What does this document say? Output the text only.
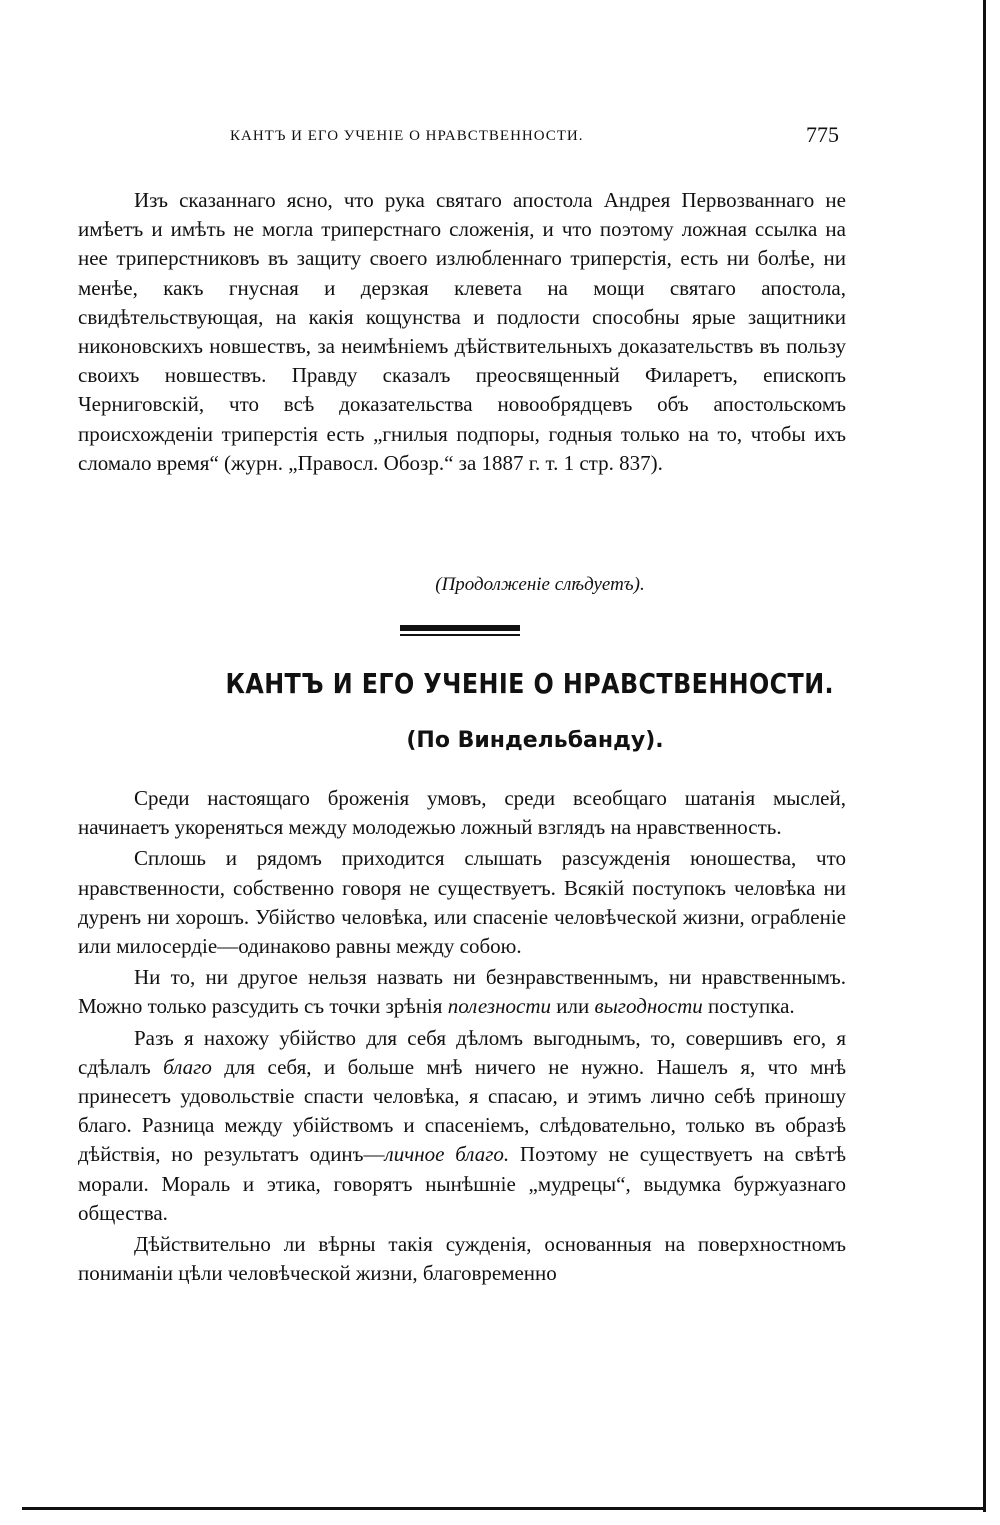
КАНТЪ И ЕГО УЧЕНІЕ О НРАВСТВЕННОСТИ.	775

Изъ сказаннаго ясно, что рука святаго апостола Андрея Первозваннаго не имѣетъ и имѣть не могла триперстнаго сложенія, и что поэтому ложная ссылка на нее триперстниковъ въ защиту своего излюбленнаго триперстія, есть ни болѣе, ни менѣе, какъ гнусная и дерзкая клевета на мощи святаго апостола, свидѣтельствующая, на какія кощунства и подлости способны ярые защитники никоновскихъ новшествъ, за неимѣніемъ дѣйствительныхъ доказательствъ въ пользу своихъ новшествъ. Правду сказалъ преосвященный Филаретъ, епископъ Черниговскій, что всѣ доказательства новообрядцевъ объ апостольскомъ происхожденіи триперстія есть „гнилыя подпоры, годныя только на то, чтобы ихъ сломало время“ (журн. „Правосл. Обозр.“ за 1887 г. т. 1 стр. 837).

(Продолженіе слѣдуетъ).
КАНТЪ И ЕГО УЧЕНІЕ О НРАВСТВЕННОСТИ.
(По Виндельбанду).

Среди настоящаго броженія умовъ, среди всеобщаго шатанія мыслей, начинаетъ укореняться между молодежью ложный взглядъ на нравственность.

Сплошь и рядомъ приходится слышать разсужденія юношества, что нравственности, собственно говоря не существуетъ. Всякій поступокъ человѣка ни дуренъ ни хорошъ. Убійство человѣка, или спасеніе человѣческой жизни, ограбленіе или милосердіе—одинаково равны между собою.

Ни то, ни другое нельзя назвать ни безнравственнымъ, ни нравственнымъ. Можно только разсудить съ точки зрѣнія полезности или выгодности поступка.

Разъ я нахожу убійство для себя дѣломъ выгоднымъ, то, совершивъ его, я сдѣлалъ благо для себя, и больше мнѣ ничего не нужно. Нашелъ я, что мнѣ принесетъ удовольствіе спасти человѣка, я спасаю, и этимъ лично себѣ приношу благо. Разница между убійствомъ и спасеніемъ, слѣдовательно, только въ образѣ дѣйствія, но результатъ одинъ—личное благо. Поэтому не существуетъ на свѣтѣ морали. Мораль и этика, говорятъ нынѣшніе „мудрецы“, выдумка буржуазнаго общества.

Дѣйствительно ли вѣрны такія сужденія, основанныя на поверхностномъ пониманіи цѣли человѣческой жизни, благовременно
